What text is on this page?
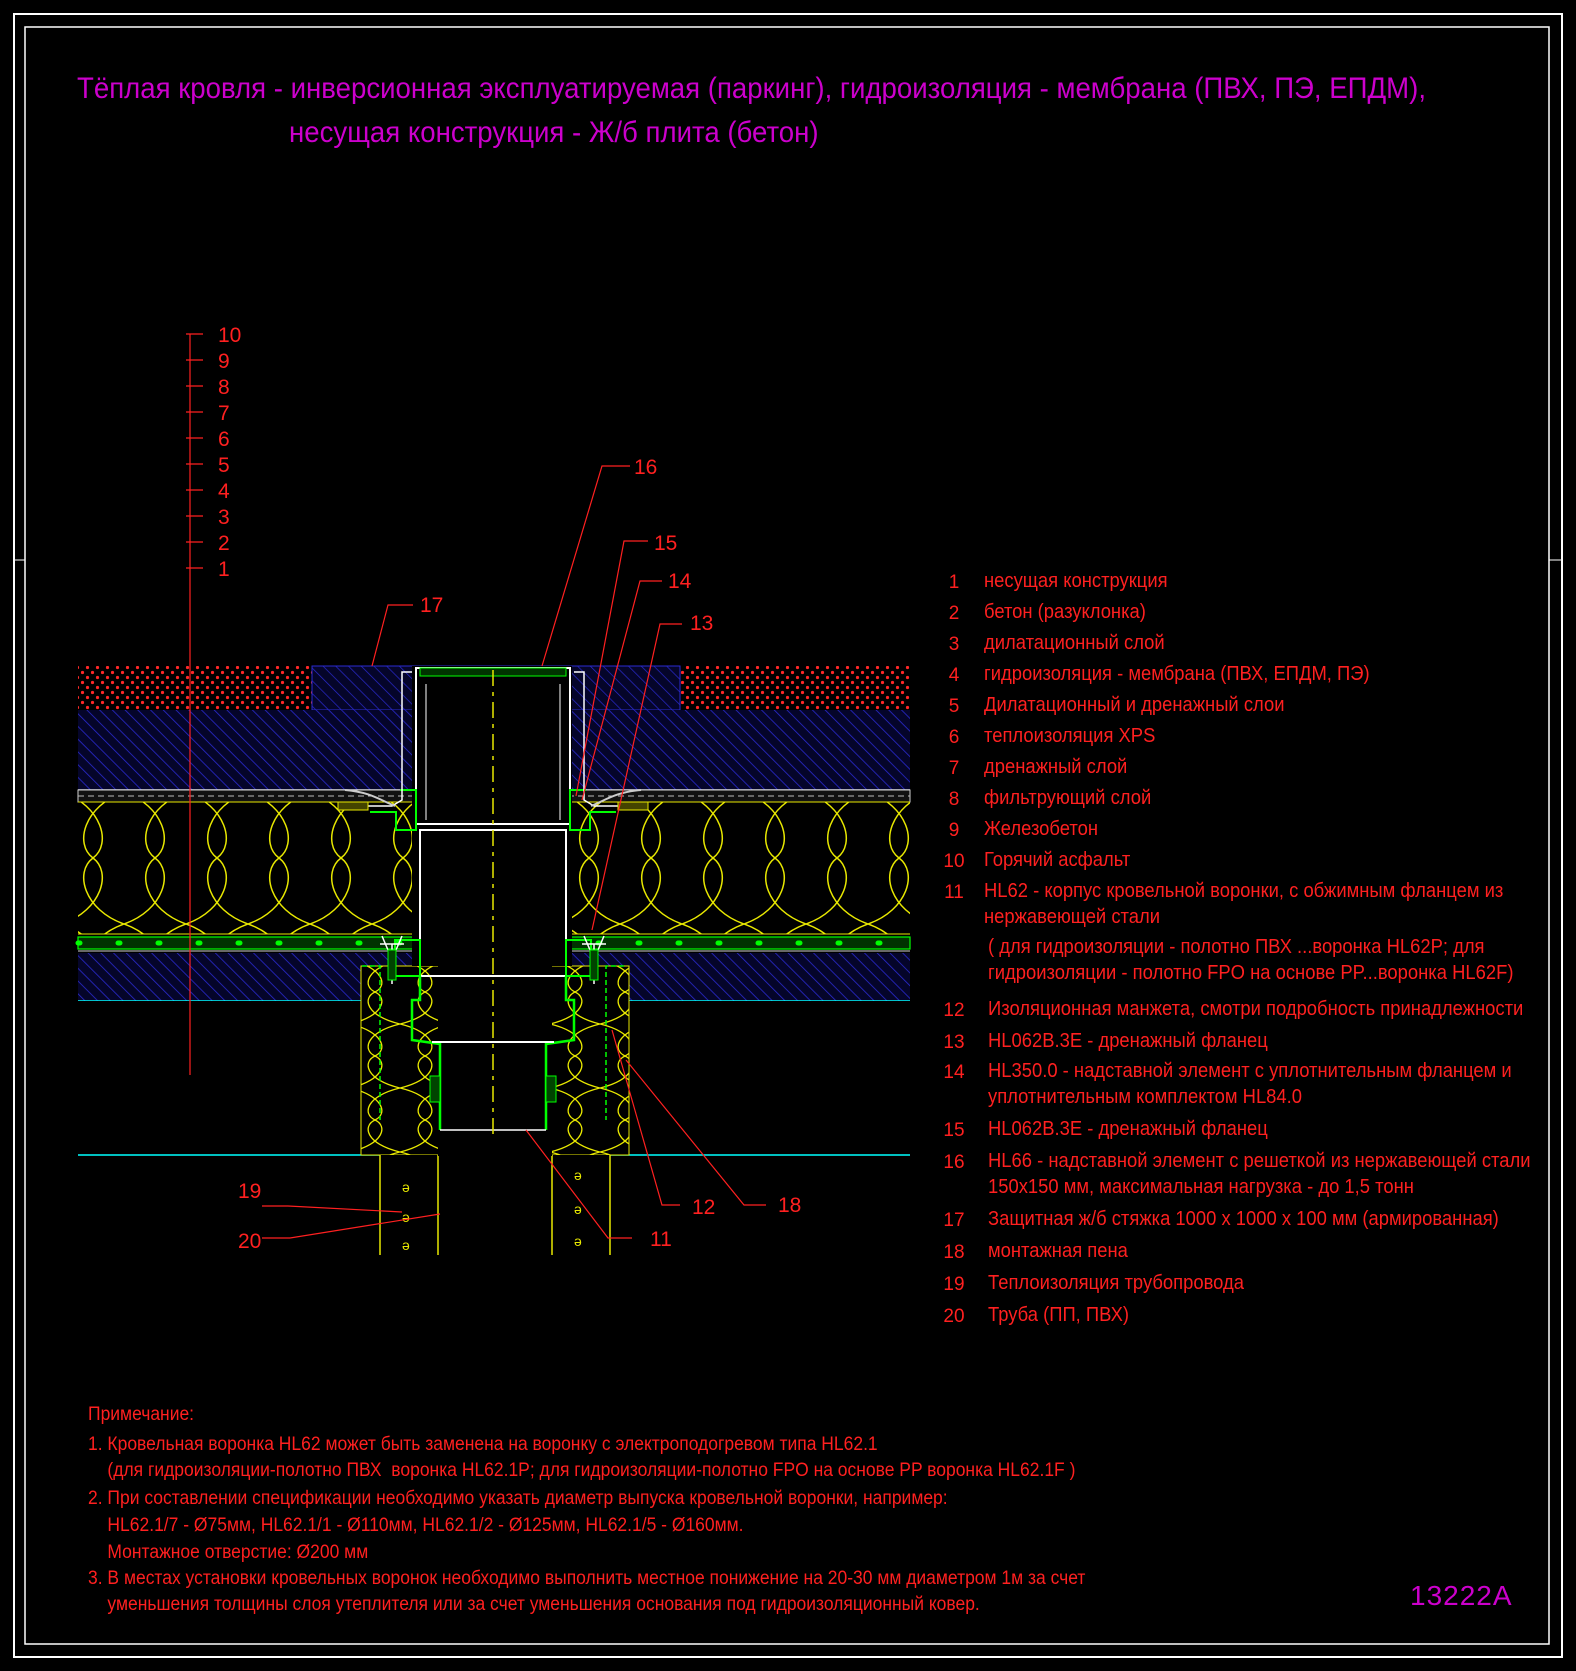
ə
ə
ə
ə
ə
ə
10
9
8
7
6
5
4
3
2
1
16
15
14
13
17
12	18
11
19
20
Тёплая кровля - инверсионная эксплуатируемая (паркинг), гидроизоляция - мембрана (ПВХ, ПЭ, ЕПДМ),
несущая конструкция - Ж/б плита (бетон)
1	несущая конструкция
2	бетон (разуклонка)
3	дилатационный слой
4	гидроизоляция - мембрана (ПВХ, ЕПДМ, ПЭ)
5	Дилатационный и дренажный слои
6	теплоизоляция XPS
7	дренажный слой
8	фильтрующий слой
9	Железобетон
10 Горячий асфальт
11	HL62 - корпус кровельной воронки, с обжимным фланцем из
нержавеющей стали
( для гидроизоляции - полотно ПВХ ...воронка HL62P; для
гидроизоляции - полотно FPO на основе PP...воронка HL62F)
12	Изоляционная манжета, смотри подробность принадлежности
13	HL062B.3E - дренажный фланец
14	HL350.0 - надставной элемент с уплотнительным фланцем и
уплотнительным комплектом HL84.0
15	HL062B.3E - дренажный фланец
16	HL66 - надставной элемент с решеткой из нержавеющей стали
150x150 мм, максимальная нагрузка - до 1,5 тонн
17	Защитная ж/б стяжка 1000 x 1000 x 100 мм (армированная)
18	монтажная пена
19	Теплоизоляция трубопровода
20	Труба (ПП, ПВХ)
Примечание:
1. Кровельная воронка HL62 может быть заменена на воронку с электроподогревом типа HL62.1
(для гидроизоляции-полотно ПВХ  воронка HL62.1P; для гидроизоляции-полотно FPO на основе PP воронка HL62.1F )
2. При составлении спецификации необходимо указать диаметр выпуска кровельной воронки, например:
HL62.1/7 - Ø75мм, HL62.1/1 - Ø110мм, HL62.1/2 - Ø125мм, HL62.1/5 - Ø160мм.
Монтажное отверстие: Ø200 мм
3. В местах установки кровельных воронок необходимо выполнить местное понижение на 20-30 мм диаметром 1м за счет
уменьшения толщины слоя утеплителя или за счет уменьшения основания под гидроизоляционный ковер.	13222A
